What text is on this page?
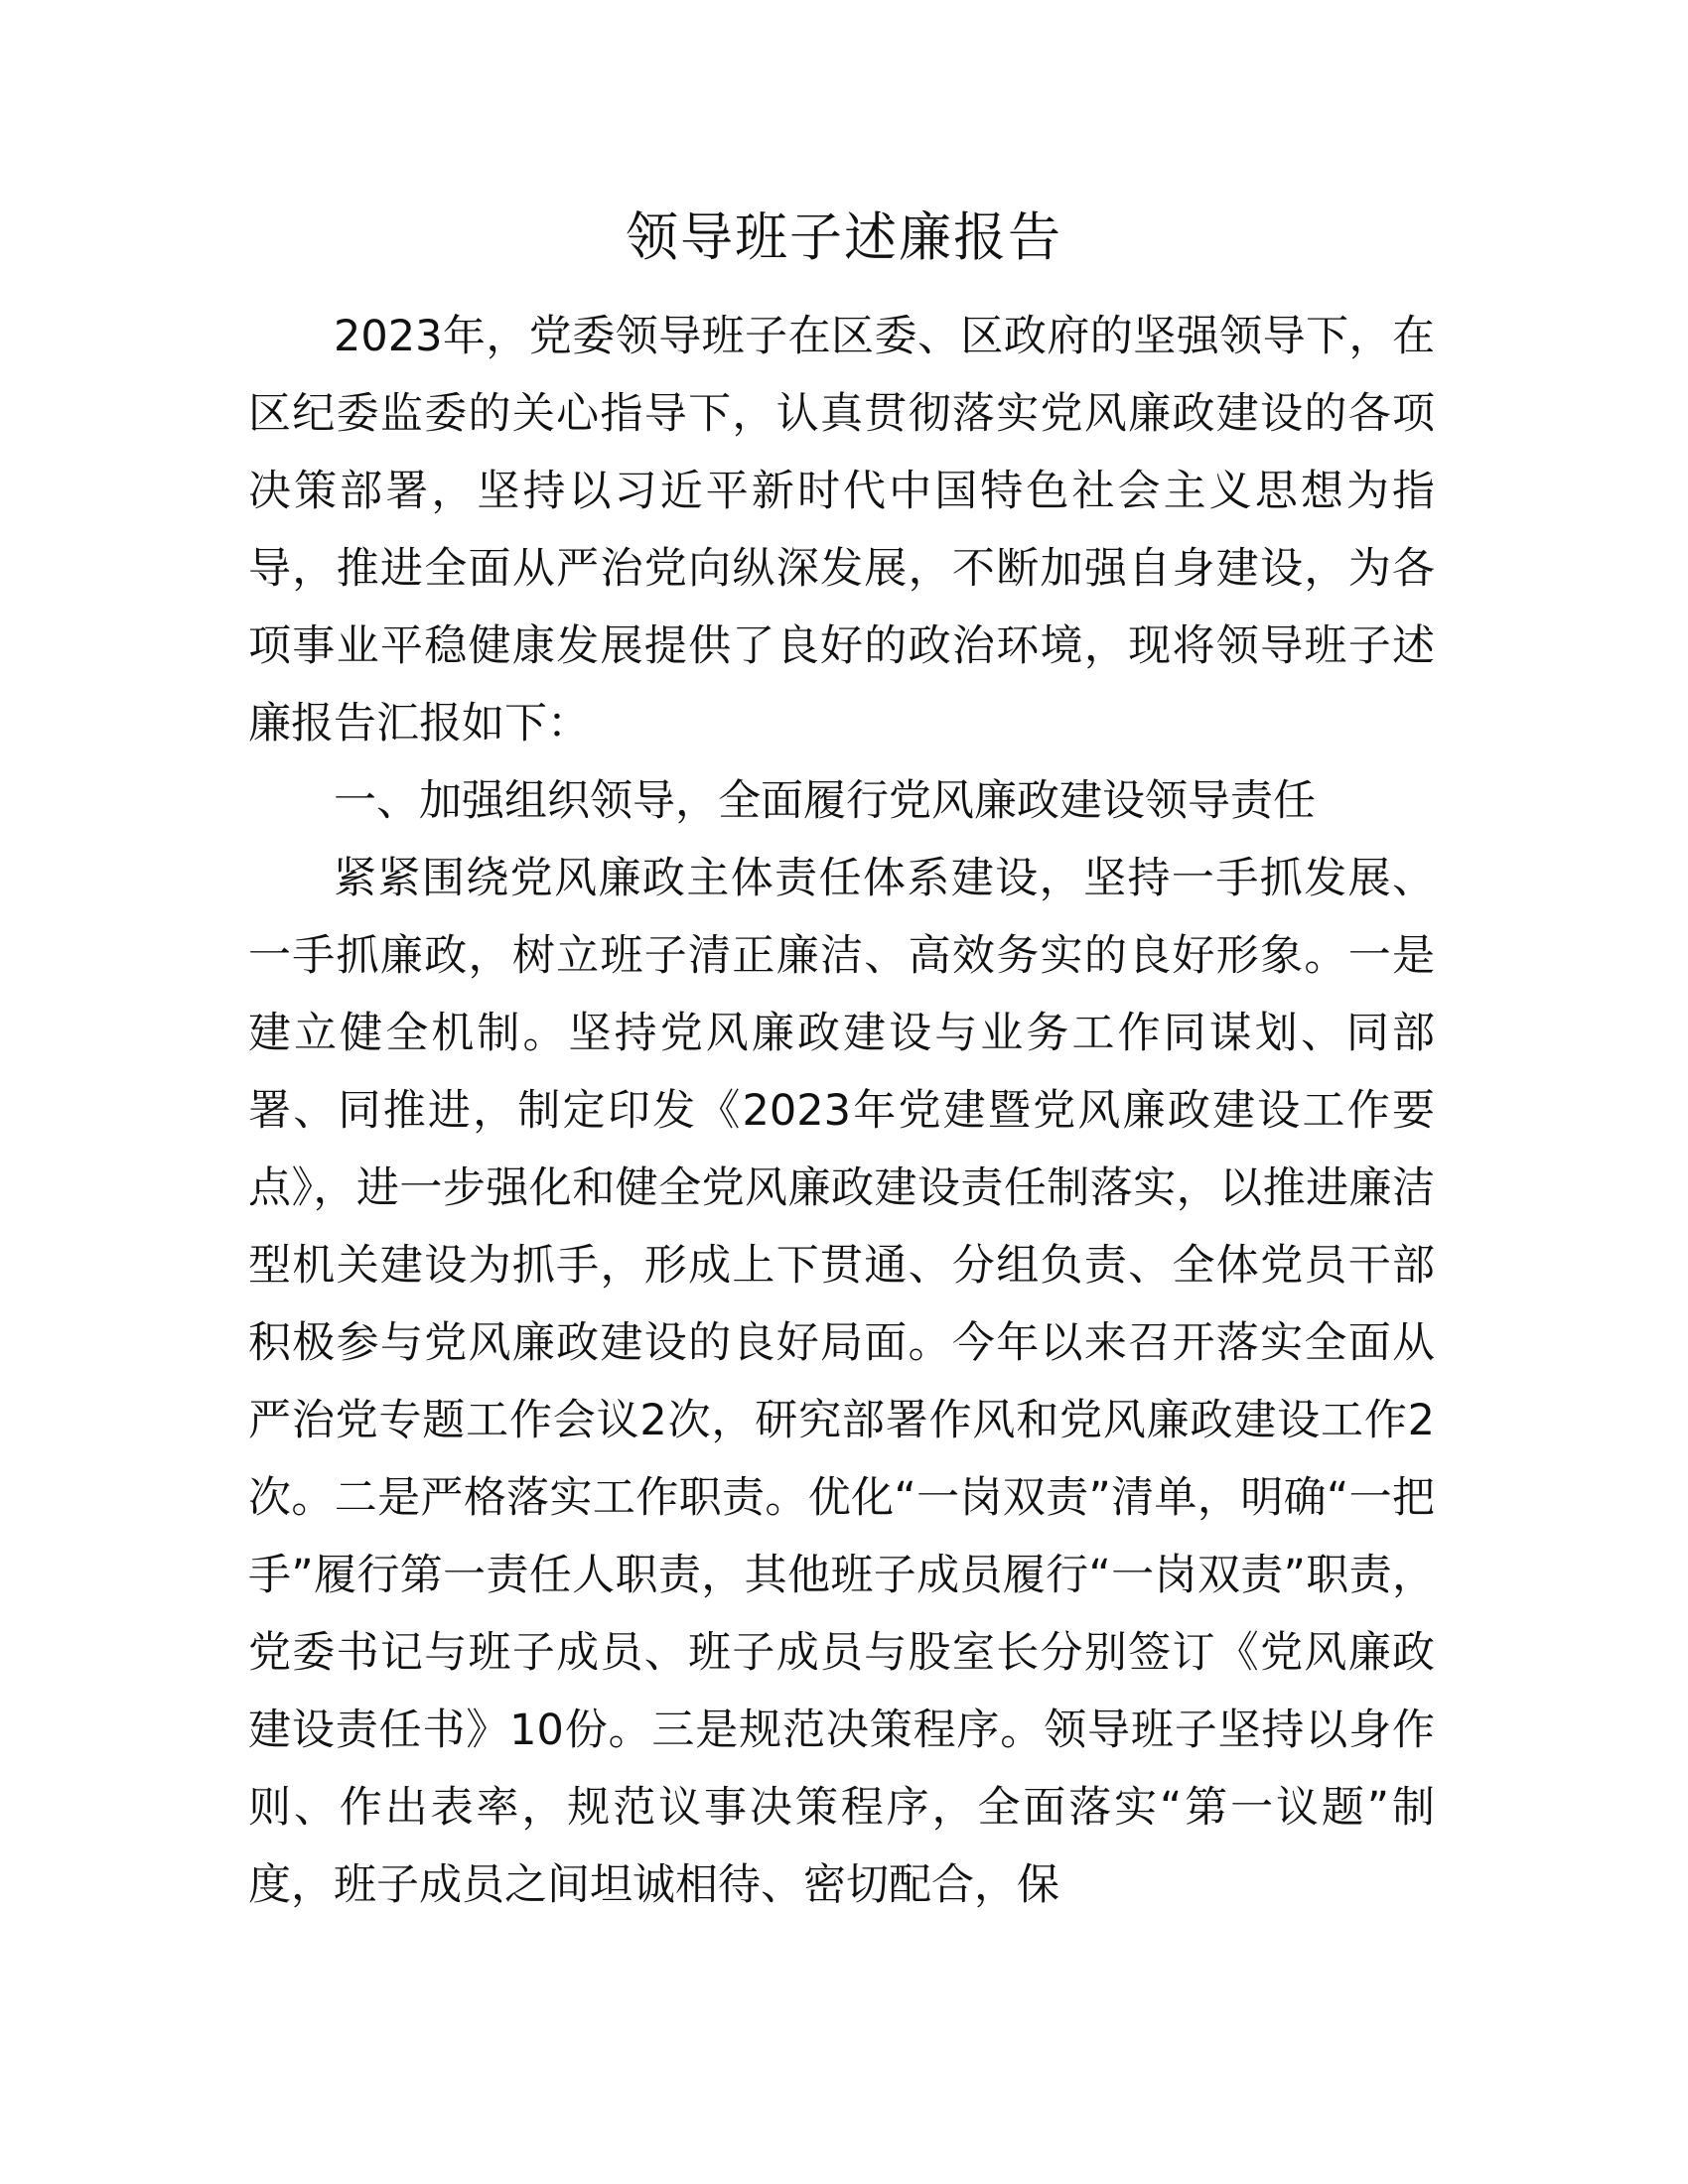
领导班子述廉报告

2023年，党委领导班子在区委、区政府的坚强领导下，在区纪委监委的关心指导下，认真贯彻落实党风廉政建设的各项决策部署，坚持以习近平新时代中国特色社会主义思想为指导，推进全面从严治党向纵深发展，不断加强自身建设，为各项事业平稳健康发展提供了良好的政治环境，现将领导班子述廉报告汇报如下：

一、加强组织领导，全面履行党风廉政建设领导责任

紧紧围绕党风廉政主体责任体系建设，坚持一手抓发展、一手抓廉政，树立班子清正廉洁、高效务实的良好形象。一是建立健全机制。坚持党风廉政建设与业务工作同谋划、同部署、同推进，制定印发《2023年党建暨党风廉政建设工作要点》，进一步强化和健全党风廉政建设责任制落实，以推进廉洁型机关建设为抓手，形成上下贯通、分组负责、全体党员干部积极参与党风廉政建设的良好局面。今年以来召开落实全面从严治党专题工作会议2次，研究部署作风和党风廉政建设工作2次。二是严格落实工作职责。优化“一岗双责”清单，明确“一把手”履行第一责任人职责，其他班子成员履行“一岗双责”职责，党委书记与班子成员、班子成员与股室长分别签订《党风廉政建设责任书》10份。三是规范决策程序。领导班子坚持以身作则、作出表率，规范议事决策程序，全面落实“第一议题”制度，班子成员之间坦诚相待、密切配合，保
